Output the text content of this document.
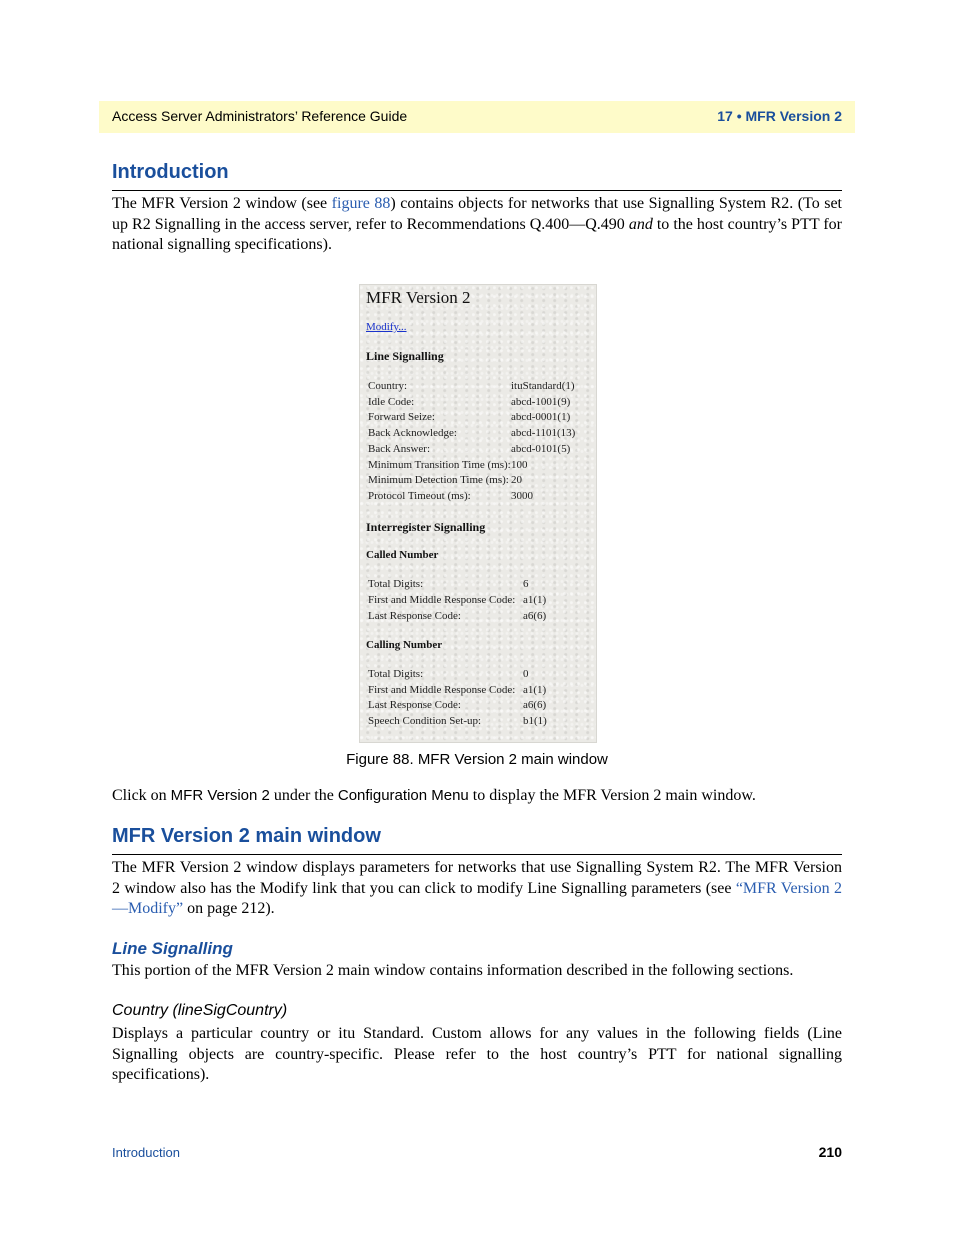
Access Server Administrators’ Reference Guide	17 • MFR Version 2
Introduction
The MFR Version 2 window (see figure 88) contains objects for networks that use Signalling System R2. (To set up R2 Signalling in the access server, refer to Recommendations Q.400—Q.490 and to the host country’s PTT for national signalling specifications).
MFR Version 2
Modify...
Line Signalling
Country:	ituStandard(1)
Idle Code:	abcd-1001(9)
Forward Seize:	abcd-0001(1)
Back Acknowledge:	abcd-1101(13)
Back Answer:	abcd-0101(5)
Minimum Transition Time (ms): 100
Minimum Detection Time (ms): 20
Protocol Timeout (ms):	3000
Interregister Signalling
Called Number
Total Digits:	6
First and Middle Response Code: a1(1)
Last Response Code:	a6(6)
Calling Number
Total Digits:	0
First and Middle Response Code: a1(1)
Last Response Code:	a6(6)
Speech Condition Set-up:	b1(1)
Figure 88. MFR Version 2 main window
Click on MFR Version 2 under the Configuration Menu to display the MFR Version 2 main window.
MFR Version 2 main window
The MFR Version 2 window displays parameters for networks that use Signalling System R2. The MFR Version 2 window also has the Modify link that you can click to modify Line Signalling parameters (see “MFR Version 2—Modify” on page 212).
Line Signalling
This portion of the MFR Version 2 main window contains information described in the following sections.
Country (lineSigCountry)
Displays a particular country or itu Standard. Custom allows for any values in the following fields (Line Signalling objects are country-specific. Please refer to the host country’s PTT for national signalling specifications).
Introduction	210
